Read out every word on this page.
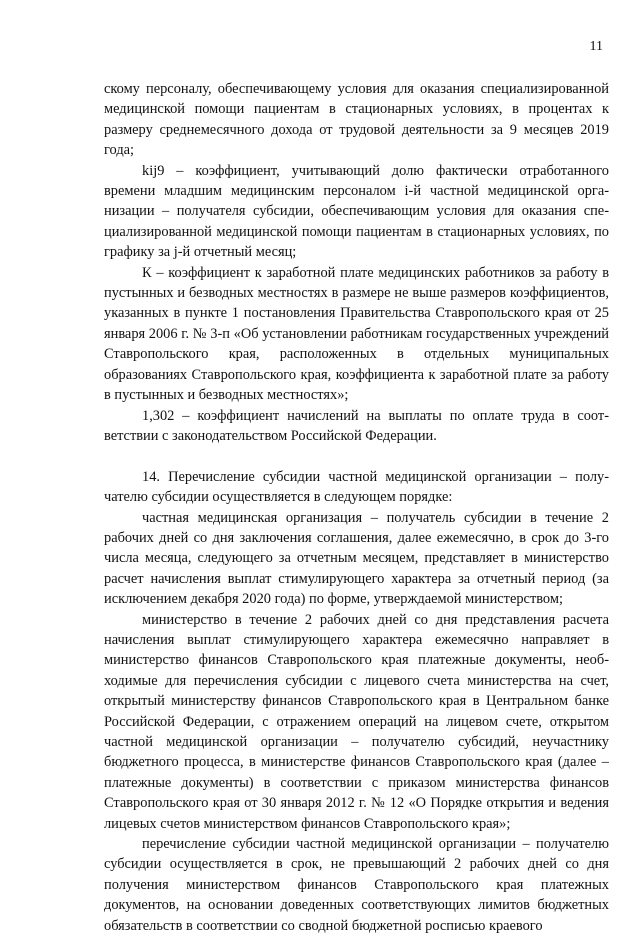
11

скому персоналу, обеспечивающему условия для оказания специализированной медицинской помощи пациентам в стационарных условиях, в процентах к размеру среднемесячного дохода от трудовой деятельности за 9 месяцев 2019 года;

kij9 – коэффициент, учитывающий долю фактически отработанного времени младшим медицинским персоналом i-й частной медицинской организации – получателя субсидии, обеспечивающим условия для оказания специализированной медицинской помощи пациентам в стационарных условиях, по графику за j-й отчетный месяц;

К – коэффициент к заработной плате медицинских работников за работу в пустынных и безводных местностях в размере не выше размеров коэффициентов, указанных в пункте 1 постановления Правительства Ставропольского края от 25 января 2006 г. № 3-п «Об установлении работникам государственных учреждений Ставропольского края, расположенных в отдельных муниципальных образованиях Ставропольского края, коэффициента к заработной плате за работу в пустынных и безводных местностях»;

1,302 – коэффициент начислений на выплаты по оплате труда в соответствии с законодательством Российской Федерации.

14. Перечисление субсидии частной медицинской организации – получателю субсидии осуществляется в следующем порядке:

частная медицинская организация – получатель субсидии в течение 2 рабочих дней со дня заключения соглашения, далее ежемесячно, в срок до 3-го числа месяца, следующего за отчетным месяцем, представляет в министерство расчет начисления выплат стимулирующего характера за отчетный период (за исключением декабря 2020 года) по форме, утверждаемой министерством;

министерство в течение 2 рабочих дней со дня представления расчета начисления выплат стимулирующего характера ежемесячно направляет в министерство финансов Ставропольского края платежные документы, необходимые для перечисления субсидии с лицевого счета министерства на счет, открытый министерству финансов Ставропольского края в Центральном банке Российской Федерации, с отражением операций на лицевом счете, открытом частной медицинской организации – получателю субсидий, неучастнику бюджетного процесса, в министерстве финансов Ставропольского края (далее – платежные документы) в соответствии с приказом министерства финансов Ставропольского края от 30 января 2012 г. № 12 «О Порядке открытия и ведения лицевых счетов министерством финансов Ставропольского края»;

перечисление субсидии частной медицинской организации – получателю субсидии осуществляется в срок, не превышающий 2 рабочих дней со дня получения министерством финансов Ставропольского края платежных документов, на основании доведенных соответствующих лимитов бюджетных обязательств в соответствии со сводной бюджетной росписью краевого
